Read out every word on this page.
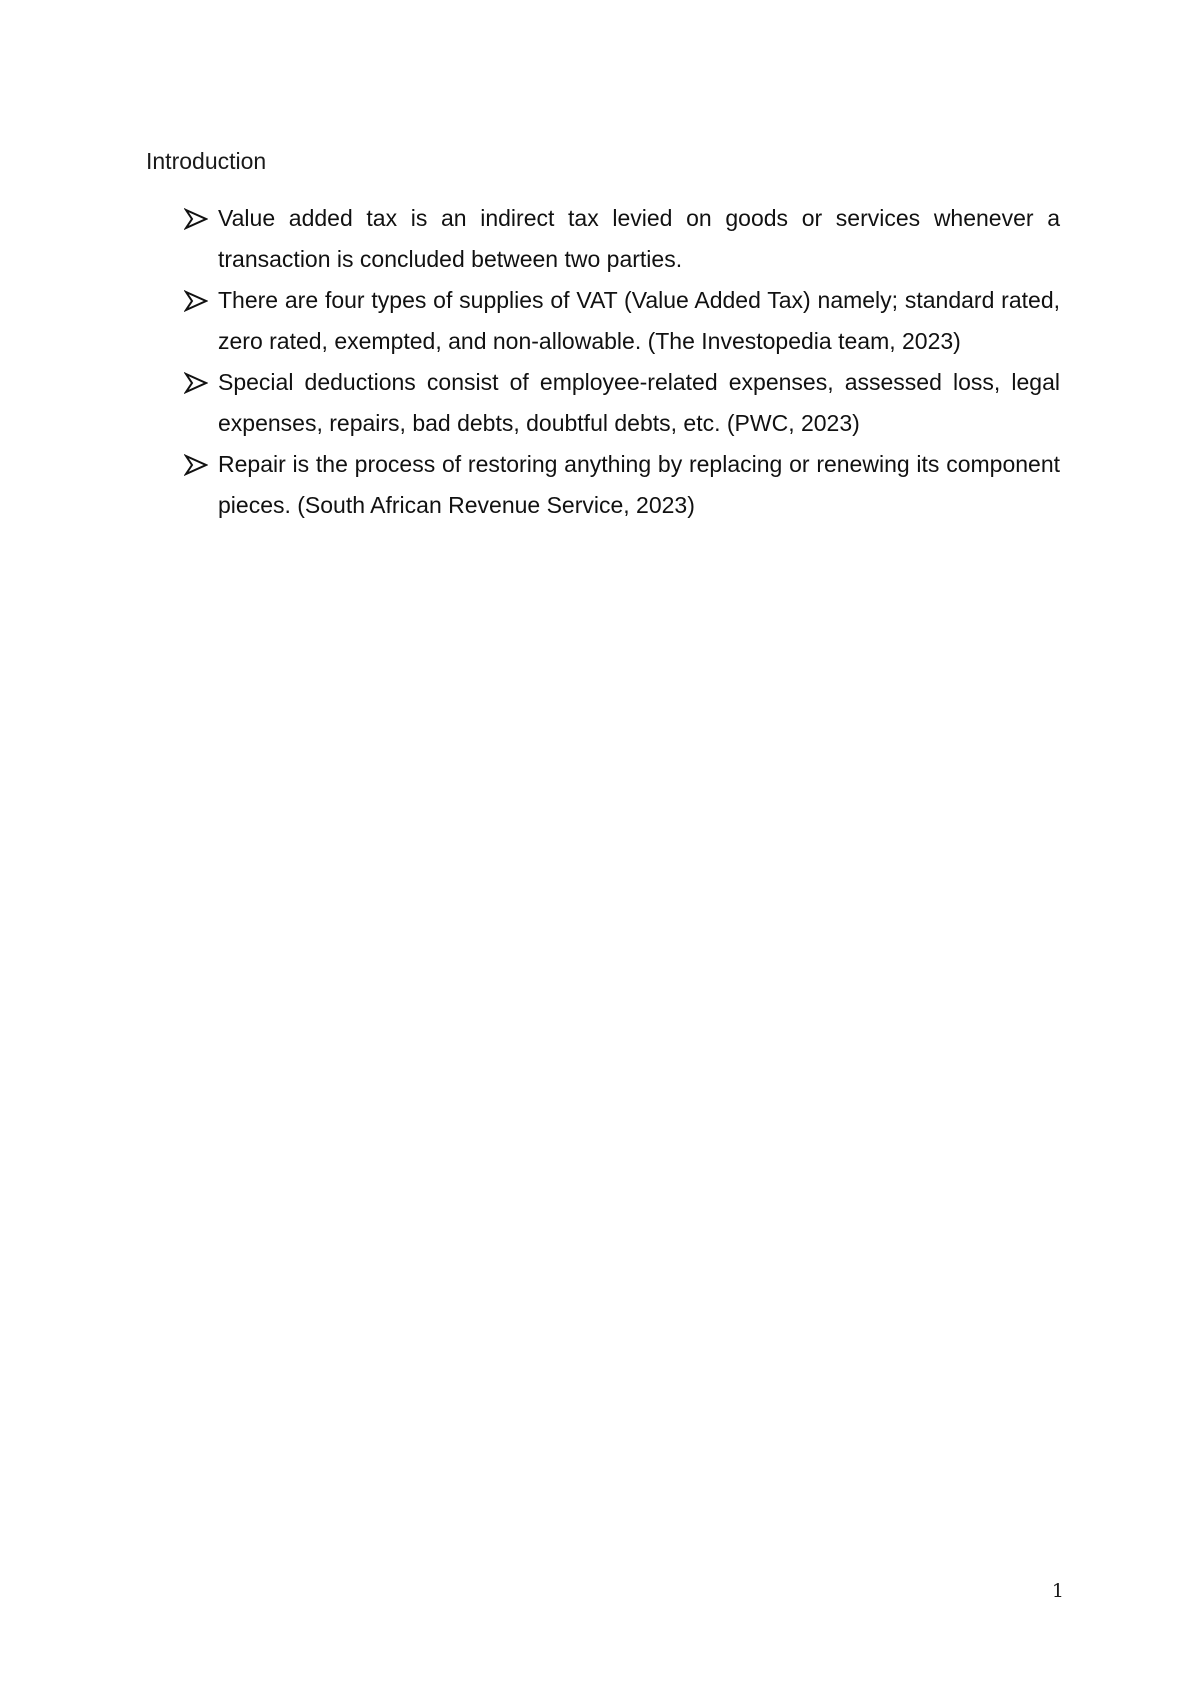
Introduction
Value added tax is an indirect tax levied on goods or services whenever a transaction is concluded between two parties.
There are four types of supplies of VAT (Value Added Tax) namely; standard rated, zero rated, exempted, and non-allowable. (The Investopedia team, 2023)
Special deductions consist of employee-related expenses, assessed loss, legal expenses, repairs, bad debts, doubtful debts, etc. (PWC, 2023)
Repair is the process of restoring anything by replacing or renewing its component pieces. (South African Revenue Service, 2023)
1
